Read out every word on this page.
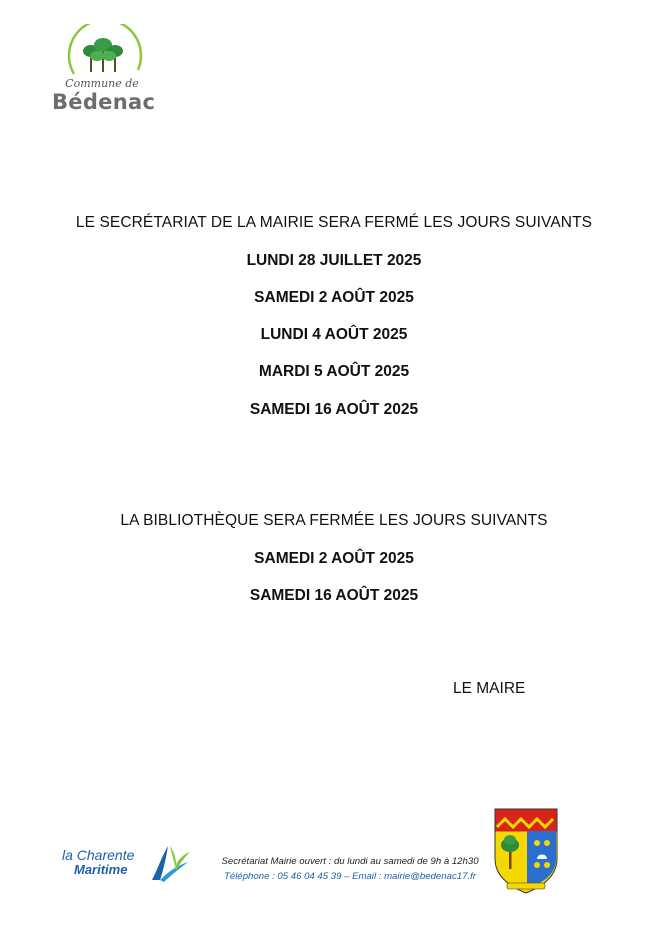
Commune de
Bédenac
LE SECRÉTARIAT DE LA MAIRIE SERA FERMÉ LES JOURS SUIVANTS
LUNDI 28 JUILLET 2025
SAMEDI 2 AOÛT 2025
LUNDI 4 AOÛT 2025
MARDI 5 AOÛT 2025
SAMEDI 16 AOÛT 2025
LA BIBLIOTHÈQUE SERA FERMÉE LES JOURS SUIVANTS
SAMEDI 2 AOÛT 2025
SAMEDI 16 AOÛT 2025
LE MAIRE
la Charente
Maritime
Secrétariat Mairie ouvert : du lundi au samedi de 9h à 12h30
Téléphone : 05 46 04 45 39 – Email : mairie@bedenac17.fr
